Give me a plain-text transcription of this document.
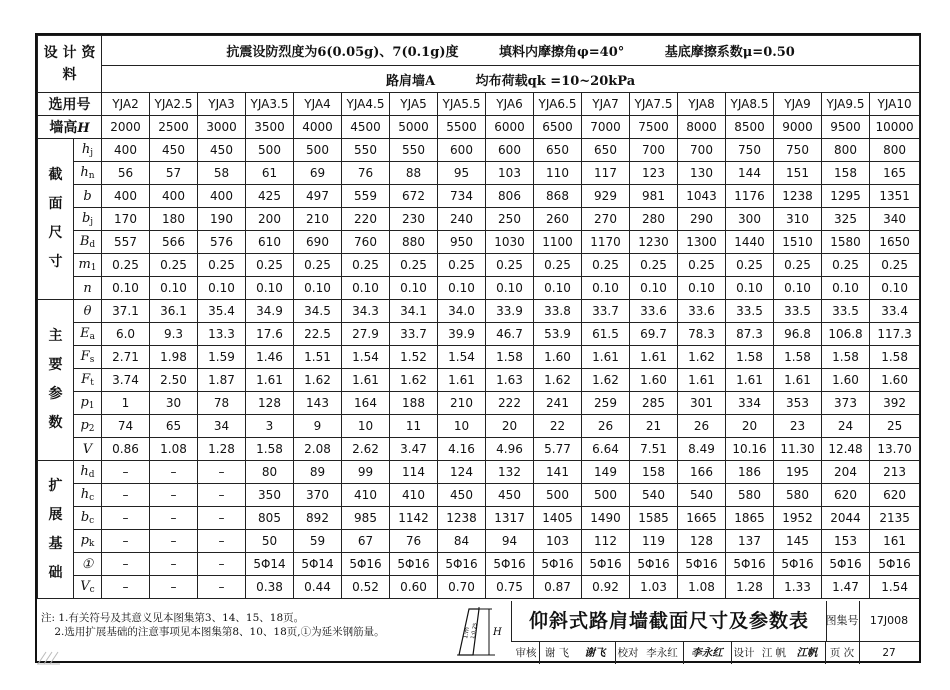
设 计 资 料		抗震设防烈度为6(0.05g)、7(0.1g)度 填料内摩擦角φ=40° 基底摩擦系数μ=0.50																
		路肩墙A 均布荷载qk =10~20kPa																
选用号		YJA2	YJA2.5	YJA3	YJA3.5	YJA4	YJA4.5	YJA5	YJA5.5	YJA6	YJA6.5	YJA7	YJA7.5	YJA8	YJA8.5	YJA9	YJA9.5	YJA10
墙高H		2000	2500	3000	3500	4000	4500	5000	5500	6000	6500	7000	7500	8000	8500	9000	9500	10000
截 面 尺 寸	$h_j$	400	450	450	500	500	550	550	600	600	650	650	700	700	750	750	800	800
	$h_n$	56	57	58	61	69	76	88	95	103	110	117	123	130	144	151	158	165
	b	400	400	400	425	497	559	672	734	806	868	929	981	1043	1176	1238	1295	1351
	$b_j$	170	180	190	200	210	220	230	240	250	260	270	280	290	300	310	325	340
	$B_d$	557	566	576	610	690	760	880	950	1030	1100	1170	1230	1300	1440	1510	1580	1650
	$m_1$	0.25	0.25	0.25	0.25	0.25	0.25	0.25	0.25	0.25	0.25	0.25	0.25	0.25	0.25	0.25	0.25	0.25
	n	0.10	0.10	0.10	0.10	0.10	0.10	0.10	0.10	0.10	0.10	0.10	0.10	0.10	0.10	0.10	0.10	0.10
主 要 参 数	θ	37.1	36.1	35.4	34.9	34.5	34.3	34.1	34.0	33.9	33.8	33.7	33.6	33.6	33.5	33.5	33.5	33.4
	$E_a$	6.0	9.3	13.3	17.6	22.5	27.9	33.7	39.9	46.7	53.9	61.5	69.7	78.3	87.3	96.8	106.8	117.3
	$F_s$	2.71	1.98	1.59	1.46	1.51	1.54	1.52	1.54	1.58	1.60	1.61	1.61	1.62	1.58	1.58	1.58	1.58
	$F_t$	3.74	2.50	1.87	1.61	1.62	1.61	1.62	1.61	1.63	1.62	1.62	1.60	1.61	1.61	1.61	1.60	1.60
	$p_1$	1	30	78	128	143	164	188	210	222	241	259	285	301	334	353	373	392
	$p_2$	74	65	34	3	9	10	11	10	20	22	26	21	26	20	23	24	25
	V	0.86	1.08	1.28	1.58	2.08	2.62	3.47	4.16	4.96	5.77	6.64	7.51	8.49	10.16	11.30	12.48	13.70
扩 展 基 础	$h_d$	–	–	–	80	89	99	114	124	132	141	149	158	166	186	195	204	213
	$h_c$	–	–	–	350	370	410	410	450	450	500	500	540	540	580	580	620	620
	$b_c$	–	–	–	805	892	985	1142	1238	1317	1405	1490	1585	1665	1865	1952	2044	2135
	$p_k$	–	–	–	50	59	67	76	84	94	103	112	119	128	137	145	153	161
	①	–	–	–	5Φ14	5Φ14	5Φ16	5Φ16	5Φ16	5Φ16	5Φ16	5Φ16	5Φ16	5Φ16	5Φ16	5Φ16	5Φ16	5Φ16
	$V_c$	–	–	–	0.38	0.44	0.52	0.60	0.70	0.75	0.87	0.92	1.03	1.08	1.28	1.33	1.47	1.54
注: 1.有关符号及其意义见本图集第3、14、15、18页。
2.选用扩展基础的注意事项见本图集第8、10、18页,①为延米钢筋量。	1:m 1:0.25 H
仰斜式路肩墙截面尺寸及参数表	图集号	17J008
审核 谢 飞	谢飞	校对 李永红	李永红	设计 江 帆 江帆	页 次	27
